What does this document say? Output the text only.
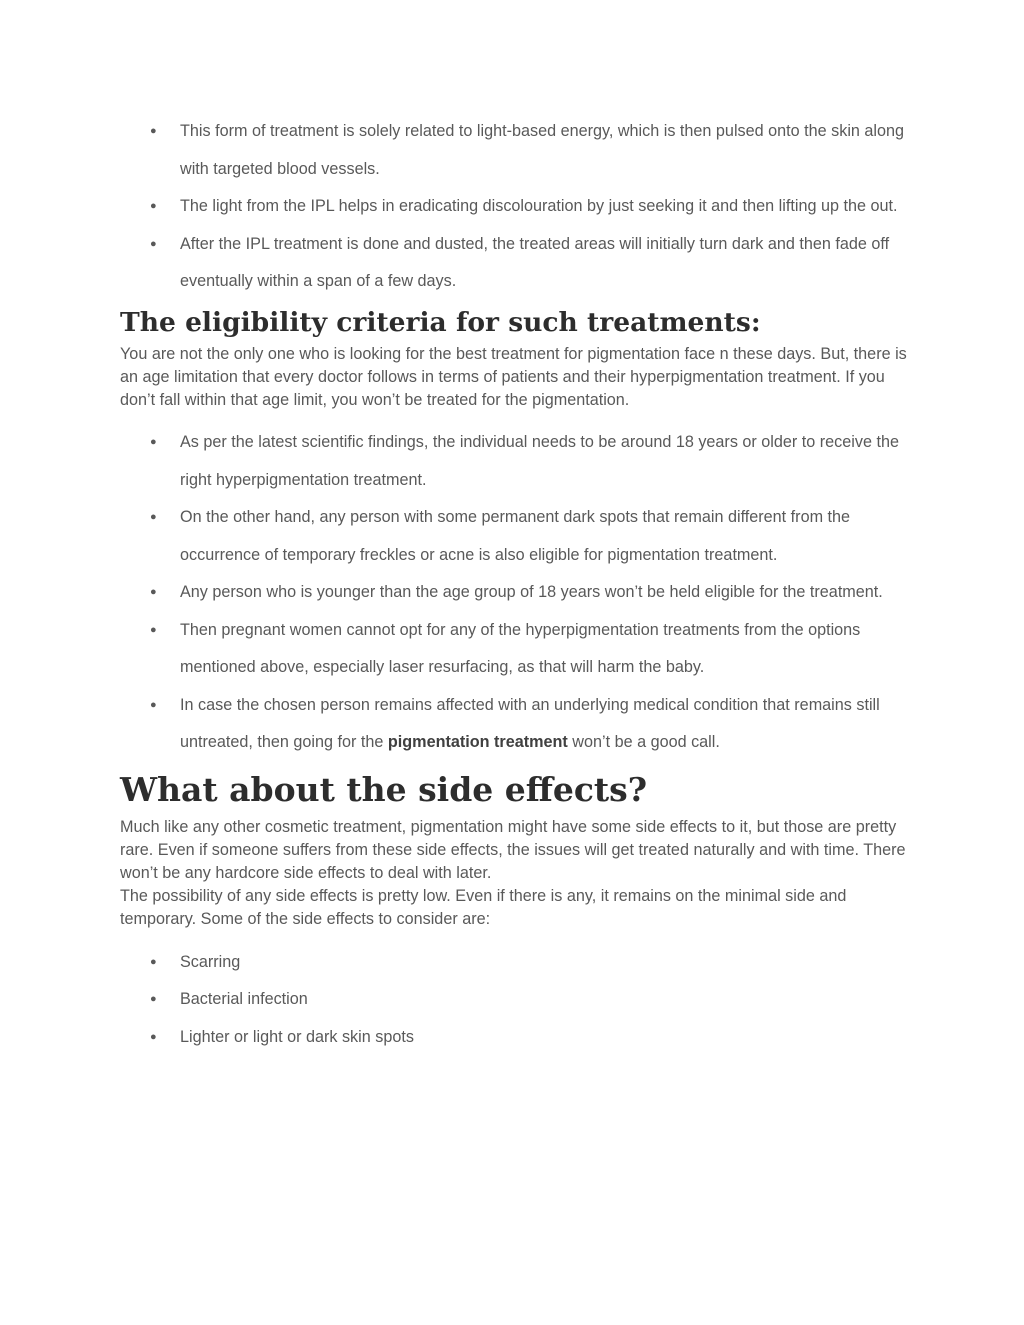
● This form of treatment is solely related to light-based energy, which is then pulsed onto the skin along with targeted blood vessels.
● The light from the IPL helps in eradicating discolouration by just seeking it and then lifting up the out.
● After the IPL treatment is done and dusted, the treated areas will initially turn dark and then fade off eventually within a span of a few days.
The eligibility criteria for such treatments:

You are not the only one who is looking for the best treatment for pigmentation face n these days. But, there is an age limitation that every doctor follows in terms of patients and their hyperpigmentation treatment. If you don’t fall within that age limit, you won’t be treated for the pigmentation.

● As per the latest scientific findings, the individual needs to be around 18 years or older to receive the right hyperpigmentation treatment.
● On the other hand, any person with some permanent dark spots that remain different from the occurrence of temporary freckles or acne is also eligible for pigmentation treatment.
● Any person who is younger than the age group of 18 years won’t be held eligible for the treatment.
● Then pregnant women cannot opt for any of the hyperpigmentation treatments from the options mentioned above, especially laser resurfacing, as that will harm the baby.
● In case the chosen person remains affected with an underlying medical condition that remains still untreated, then going for the pigmentation treatment won’t be a good call.
What about the side effects?

Much like any other cosmetic treatment, pigmentation might have some side effects to it, but those are pretty rare. Even if someone suffers from these side effects, the issues will get treated naturally and with time. There won’t be any hardcore side effects to deal with later.

The possibility of any side effects is pretty low. Even if there is any, it remains on the minimal side and temporary. Some of the side effects to consider are:

● Scarring
● Bacterial infection
● Lighter or light or dark skin spots
